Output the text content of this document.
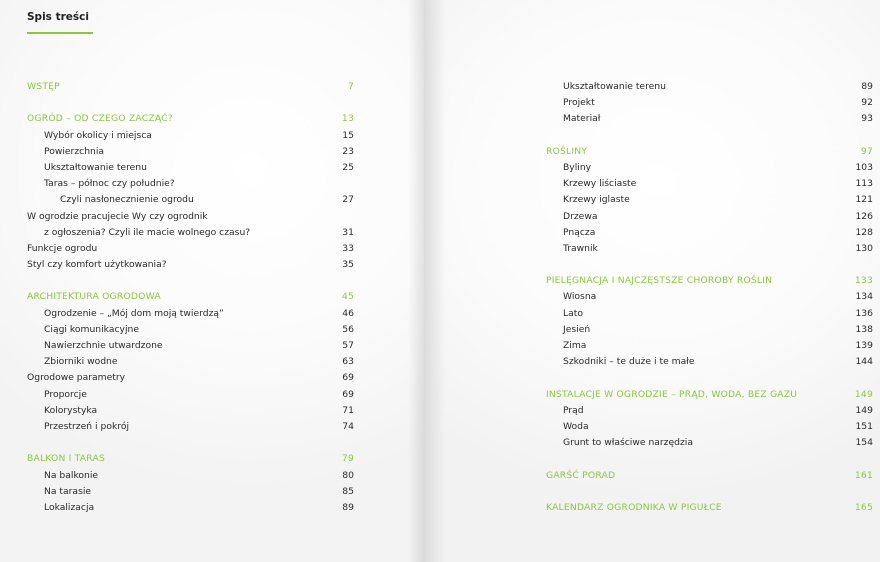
Spis treści
WSTĘP	7
OGRÓD – OD CZEGO ZACZĄĆ?	13
Wybór okolicy i miejsca	15
Powierzchnia	23
Ukształtowanie terenu	25
Taras – północ czy południe?
Czyli nasłonecznienie ogrodu	27
W ogrodzie pracujecie Wy czy ogrodnik
z ogłoszenia? Czyli ile macie wolnego czasu?	31
Funkcje ogrodu	33
Styl czy komfort użytkowania?	35
ARCHITEKTURA OGRODOWA	45
Ogrodzenie – „Mój dom moją twierdzą”	46
Ciągi komunikacyjne	56
Nawierzchnie utwardzone	57
Zbiorniki wodne	63
Ogrodowe parametry	69
Proporcje	69
Kolorystyka	71
Przestrzeń i pokrój	74
BALKON I TARAS	79
Na balkonie	80
Na tarasie	85
Lokalizacja	89
Ukształtowanie terenu	89
Projekt	92
Materiał	93
ROŚLINY	97
Byliny	103
Krzewy liściaste	113
Krzewy iglaste	121
Drzewa	126
Pnącza	128
Trawnik	130
PIELĘGNACJA I NAJCZĘSTSZE CHOROBY ROŚLIN	133
Wiosna	134
Lato	136
Jesień	138
Zima	139
Szkodniki – te duże i te małe	144
INSTALACJE W OGRODZIE – PRĄD, WODA, BEZ GAZU	149
Prąd	149
Woda	151
Grunt to właściwe narzędzia	154
GARŚĆ PORAD	161
KALENDARZ OGRODNIKA W PIGUŁCE	165
